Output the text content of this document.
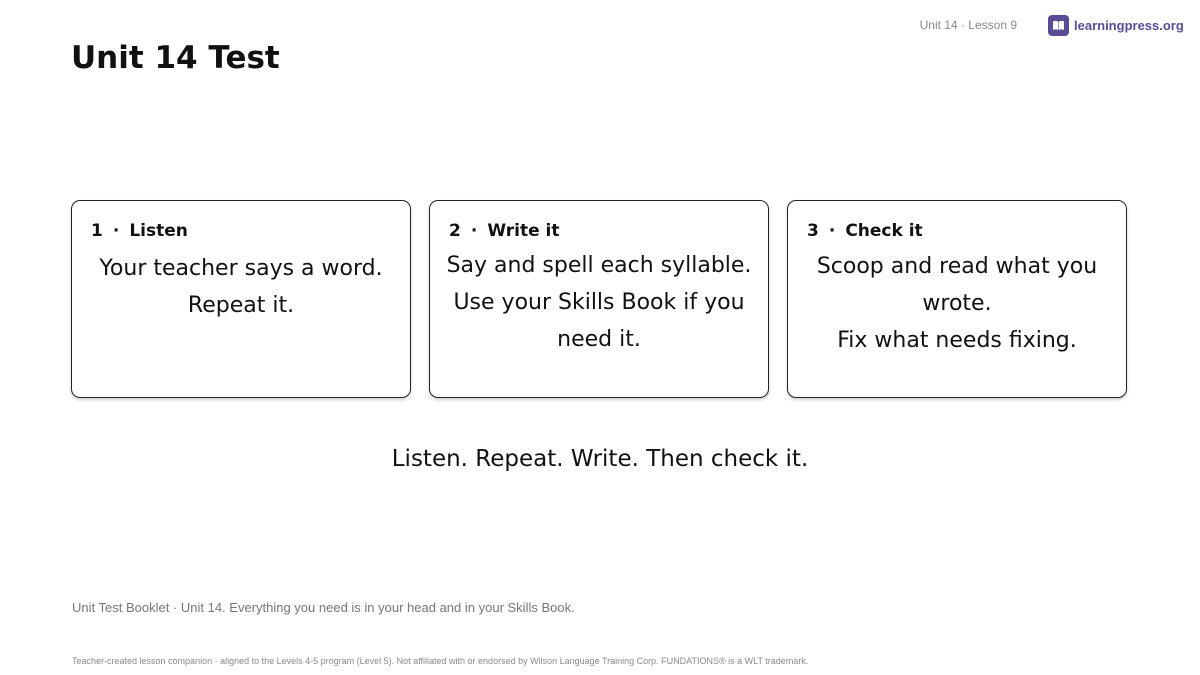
Unit 14 · Lesson 9	learningpress.org
Unit 14 Test
1 · Listen
Your teacher says a word.
Repeat it.
2 · Write it
Say and spell each syllable.
Use your Skills Book if you need it.
3 · Check it
Scoop and read what you wrote.
Fix what needs fixing.
Listen. Repeat. Write. Then check it.
Unit Test Booklet · Unit 14. Everything you need is in your head and in your Skills Book.
Teacher-created lesson companion · aligned to the Levels 4-5 program (Level 5). Not affiliated with or endorsed by Wilson Language Training Corp. FUNDATIONS® is a WLT trademark.
